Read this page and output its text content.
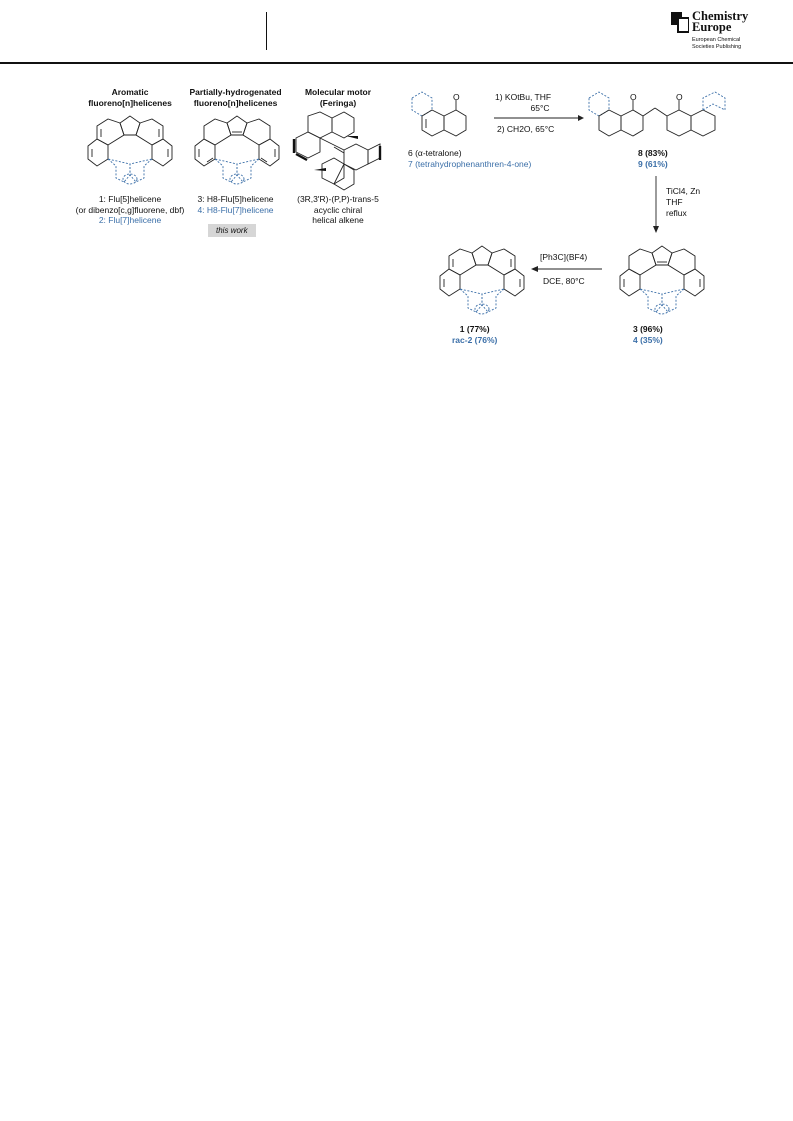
Chemistry
Europe
European Chemical
Societies Publishing
Aromatic
fluoreno[n]helicenes
Partially-hydrogenated
fluoreno[n]helicenes
Molecular motor
(Feringa)
1: Flu[5]helicene
(or dibenzo[c,g]fluorene, dbf)
2: Flu[7]helicene
3: H8-Flu[5]helicene
4: H8-Flu[7]helicene
this work
(3R,3'R)-(P,P)-trans-5
acyclic chiral
helical alkene
O
6 (α-tetralone)
7 (tetrahydrophenanthren-4-one)
1) KOtBu, THF
65°C
2) CH2O, 65°C
O	O
8 (83%)
9 (61%)
TiCl4, Zn
THF
reflux
3 (96%)
4 (35%)
[Ph3C](BF4)
DCE, 80°C
1 (77%)
rac-2 (76%)
